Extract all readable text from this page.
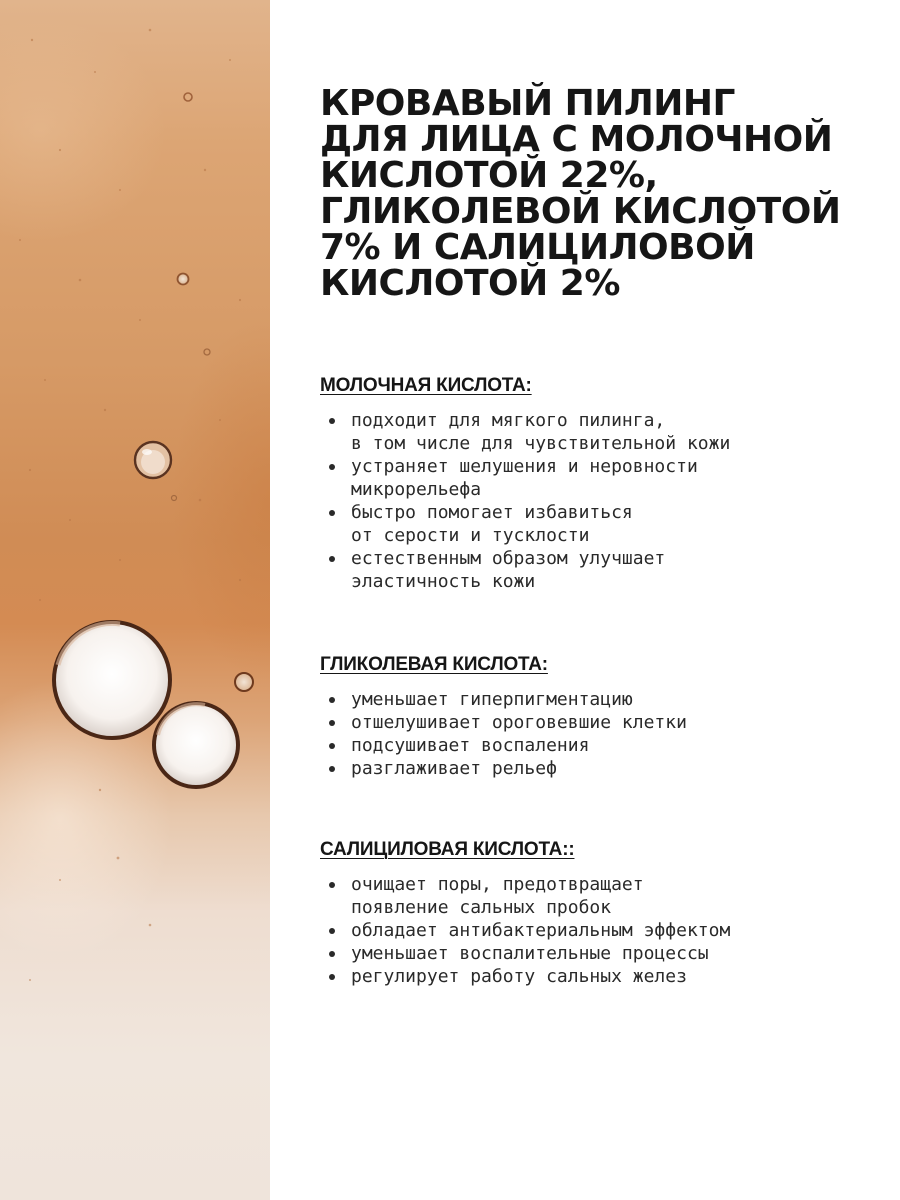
КРОВАВЫЙ ПИЛИНГ
ДЛЯ ЛИЦА С МОЛОЧНОЙ
КИСЛОТОЙ 22%,
ГЛИКОЛЕВОЙ КИСЛОТОЙ
7% И САЛИЦИЛОВОЙ
КИСЛОТОЙ 2%
МОЛОЧНАЯ КИСЛОТА:
подходит для мягкого пилинга,
в том числе для чувствительной кожи
устраняет шелушения и неровности
микрорельефа
быстро помогает избавиться
от серости и тусклости
естественным образом улучшает
эластичность кожи
ГЛИКОЛЕВАЯ КИСЛОТА:
уменьшает гиперпигментацию
отшелушивает ороговевшие клетки
подсушивает воспаления
разглаживает рельеф
САЛИЦИЛОВАЯ КИСЛОТА::
очищает поры, предотвращает
появление сальных пробок
обладает антибактериальным эффектом
уменьшает воспалительные процессы
регулирует работу сальных желез
